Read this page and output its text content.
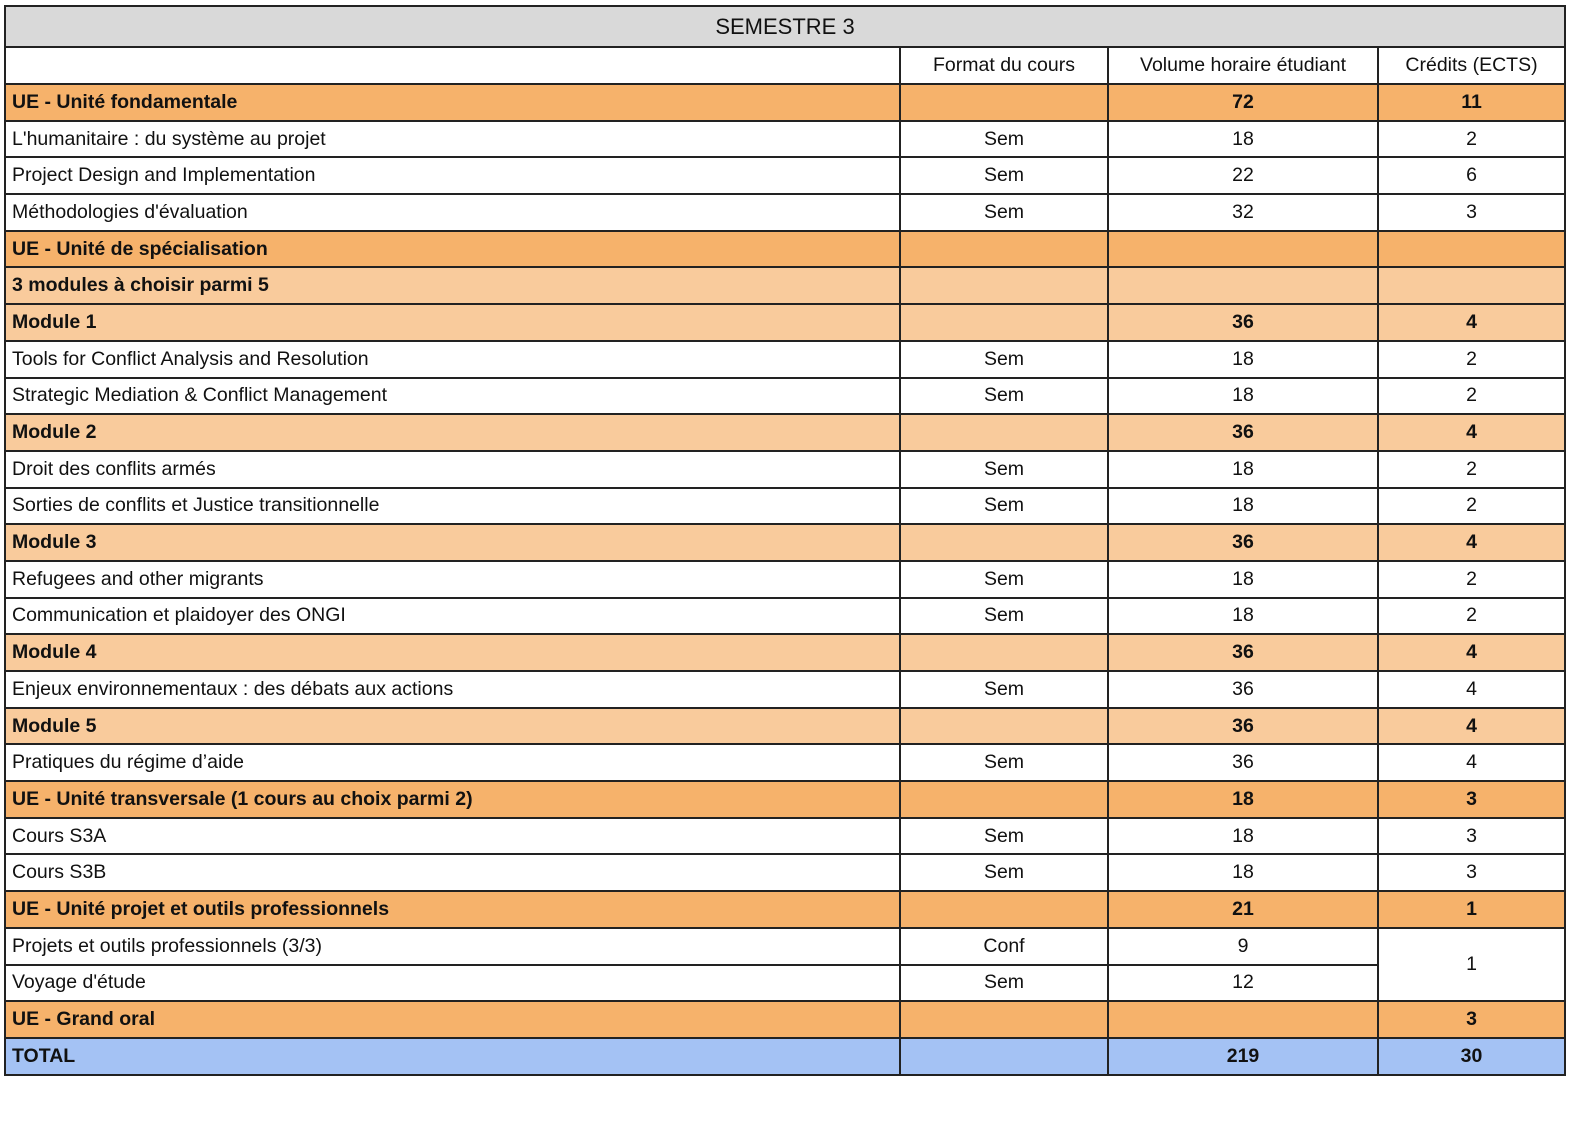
SEMESTRE 3			
	Format du cours	Volume horaire étudiant	Crédits (ECTS)
UE - Unité fondamentale		72	11
L'humanitaire : du système au projet	Sem	18	2
Project Design and Implementation	Sem	22	6
Méthodologies d'évaluation	Sem	32	3
UE - Unité de spécialisation			
3 modules à choisir parmi 5			
Module 1		36	4
Tools for Conflict Analysis and Resolution	Sem	18	2
Strategic Mediation & Conflict Management	Sem	18	2
Module 2		36	4
Droit des conflits armés	Sem	18	2
Sorties de conflits et Justice transitionnelle	Sem	18	2
Module 3		36	4
Refugees and other migrants	Sem	18	2
Communication et plaidoyer des ONGI	Sem	18	2
Module 4		36	4
Enjeux environnementaux : des débats aux actions	Sem	36	4
Module 5		36	4
Pratiques du régime d’aide	Sem	36	4
UE - Unité transversale (1 cours au choix parmi 2)		18	3
Cours S3A	Sem	18	3
Cours S3B	Sem	18	3
UE - Unité projet et outils professionnels		21	1
Projets et outils professionnels (3/3)	Conf	9	1
Voyage d'étude	Sem	12	
UE - Grand oral			3
TOTAL		219	30
